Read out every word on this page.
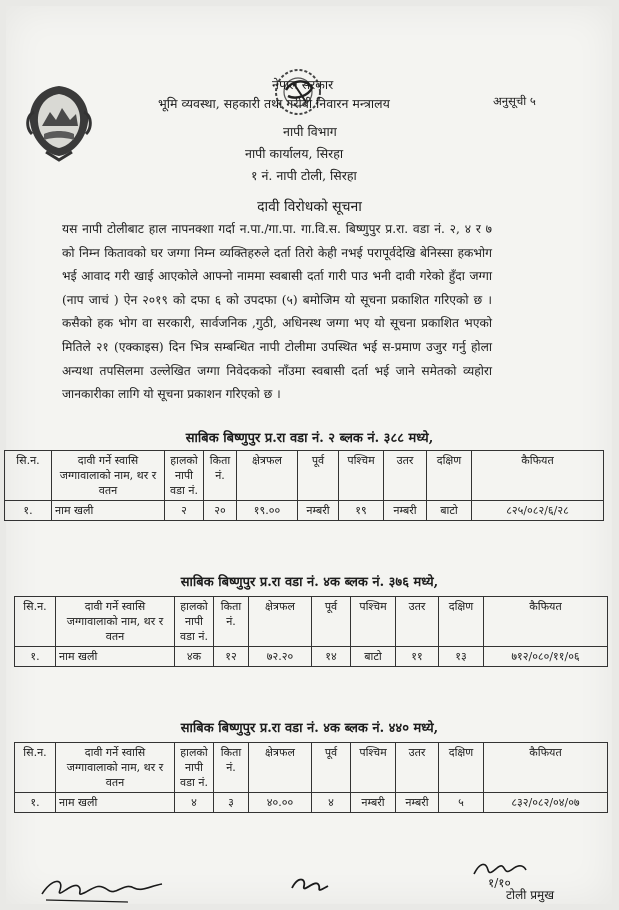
नेपाल सरकार
भूमि व्यवस्था, सहकारी तथा गरीबी निवारन मन्त्रालय	अनुसूची ५
नापी विभाग
नापी कार्यालय, सिरहा
१ नं. नापी टोली, सिरहा
दावी विरोधको सूचना
यस नापी टोलीबाट हाल नापनक्शा गर्दा न.पा./गा.पा. गा.वि.स. बिष्णुपुर प्र.रा. वडा नं. २, ४ र ७ को निम्न कितावको घर जग्गा निम्न व्यक्तिहरुले दर्ता तिरो केही नभई परापूर्वदेखि बेनिस्सा हकभोग भई आवाद गरी खाई आएकोले आफ्नो नाममा स्वबासी दर्ता गारी पाउ भनी दावी गरेको हुँदा जग्गा (नाप जाचं ) ऐन २०१९ को दफा ६ को उपदफा (५) बमोजिम यो सूचना प्रकाशित गरिएको छ । कसैको हक भोग वा सरकारी, सार्वजनिक ,गुठी, अधिनस्थ जग्गा भए यो सूचना प्रकाशित भएको मितिले २१ (एक्काइस) दिन भित्र सम्बन्धित नापी टोलीमा उपस्थित भई स-प्रमाण उजुर गर्नु होला अन्यथा तपसिलमा उल्लेखित जग्गा निवेदकको नाँउमा स्वबासी दर्ता भई जाने समेतको व्यहोरा जानकारीका लागि यो सूचना प्रकाशन गरिएको छ ।
साबिक बिष्णुपुर प्र.रा वडा नं. २ ब्लक नं. ३८८ मध्ये,
सि.न.	दावी गर्ने स्वासि जग्गावालाको नाम, थर र वतन	हालको नापी वडा नं.	किता नं.	क्षेत्रफल	पूर्व	पश्चिम	उतर	दक्षिण	कैफियत
१.	नाम खली	२	२०	१९.००	नम्बरी	१९	नम्बरी	बाटो	८२५/०८२/६/२८
साबिक बिष्णुपुर प्र.रा वडा नं. ४क ब्लक नं. ३७६ मध्ये,
सि.न.	दावी गर्ने स्वासि जग्गावालाको नाम, थर र वतन	हालको नापी वडा नं.	किता नं.	क्षेत्रफल	पूर्व	पश्चिम	उतर	दक्षिण	कैफियत
१.	नाम खली	४क	१२	७२.२०	१४	बाटो	११	१३	७१२/०८०/११/०६
साबिक बिष्णुपुर प्र.रा वडा नं. ४क ब्लक नं. ४४० मध्ये,
सि.न.	दावी गर्ने स्वासि जग्गावालाको नाम, थर र वतन	हालको नापी वडा नं.	किता नं.	क्षेत्रफल	पूर्व	पश्चिम	उतर	दक्षिण	कैफियत
१.	नाम खली	४	३	४०.००	४	नम्बरी	नम्बरी	५	८३२/०८२/०४/०७
१/१०
टोली प्रमुख
